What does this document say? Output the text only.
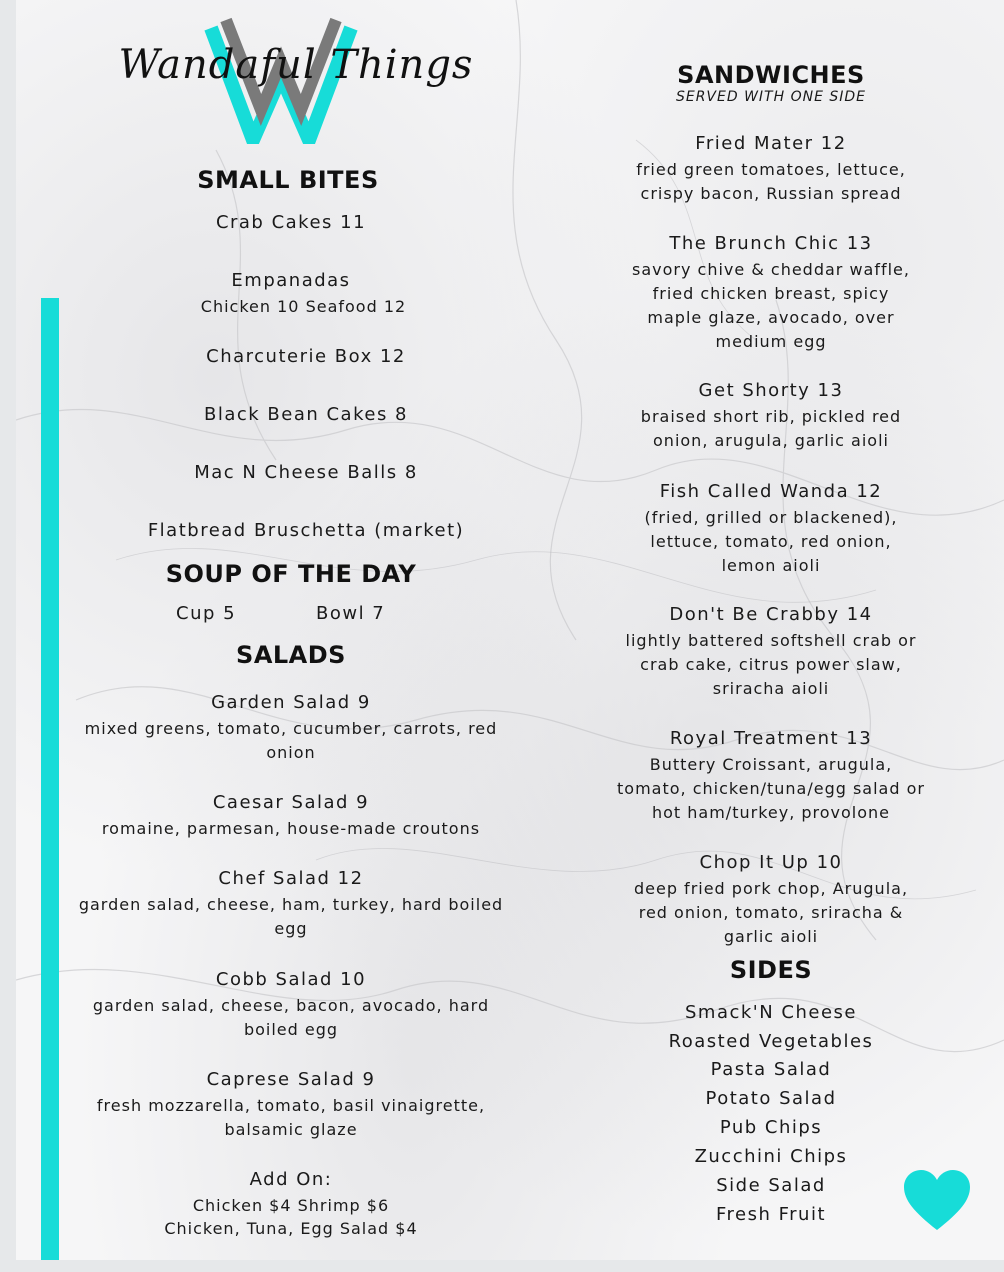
Wandaful Things
SMALL BITES
Crab Cakes 11
Empanadas
Chicken 10 Seafood 12
Charcuterie Box 12
Black Bean Cakes 8
Mac N Cheese Balls 8
Flatbread Bruschetta (market)
SOUP OF THE DAY
Cup 5	Bowl 7
SALADS
Garden Salad 9
mixed greens, tomato, cucumber, carrots, red onion
Caesar Salad 9
romaine, parmesan, house-made croutons
Chef Salad 12
garden salad, cheese, ham, turkey, hard boiled egg
Cobb Salad 10
garden salad, cheese, bacon, avocado, hard boiled egg
Caprese Salad 9
fresh mozzarella, tomato, basil vinaigrette, balsamic glaze
Add On:
Chicken $4 Shrimp $6
Chicken, Tuna, Egg Salad $4
SANDWICHES
SERVED WITH ONE SIDE
Fried Mater 12
fried green tomatoes, lettuce, crispy bacon, Russian spread
The Brunch Chic 13
savory chive & cheddar waffle, fried chicken breast, spicy maple glaze, avocado, over medium egg
Get Shorty 13
braised short rib, pickled red onion, arugula, garlic aioli
Fish Called Wanda 12
(fried, grilled or blackened), lettuce, tomato, red onion, lemon aioli
Don't Be Crabby 14
lightly battered softshell crab or crab cake, citrus power slaw, sriracha aioli
Royal Treatment 13
Buttery Croissant, arugula, tomato, chicken/tuna/egg salad or hot ham/turkey, provolone
Chop It Up 10
deep fried pork chop, Arugula, red onion, tomato, sriracha & garlic aioli
SIDES
Smack'N Cheese
Roasted Vegetables
Pasta Salad
Potato Salad
Pub Chips
Zucchini Chips
Side Salad
Fresh Fruit
